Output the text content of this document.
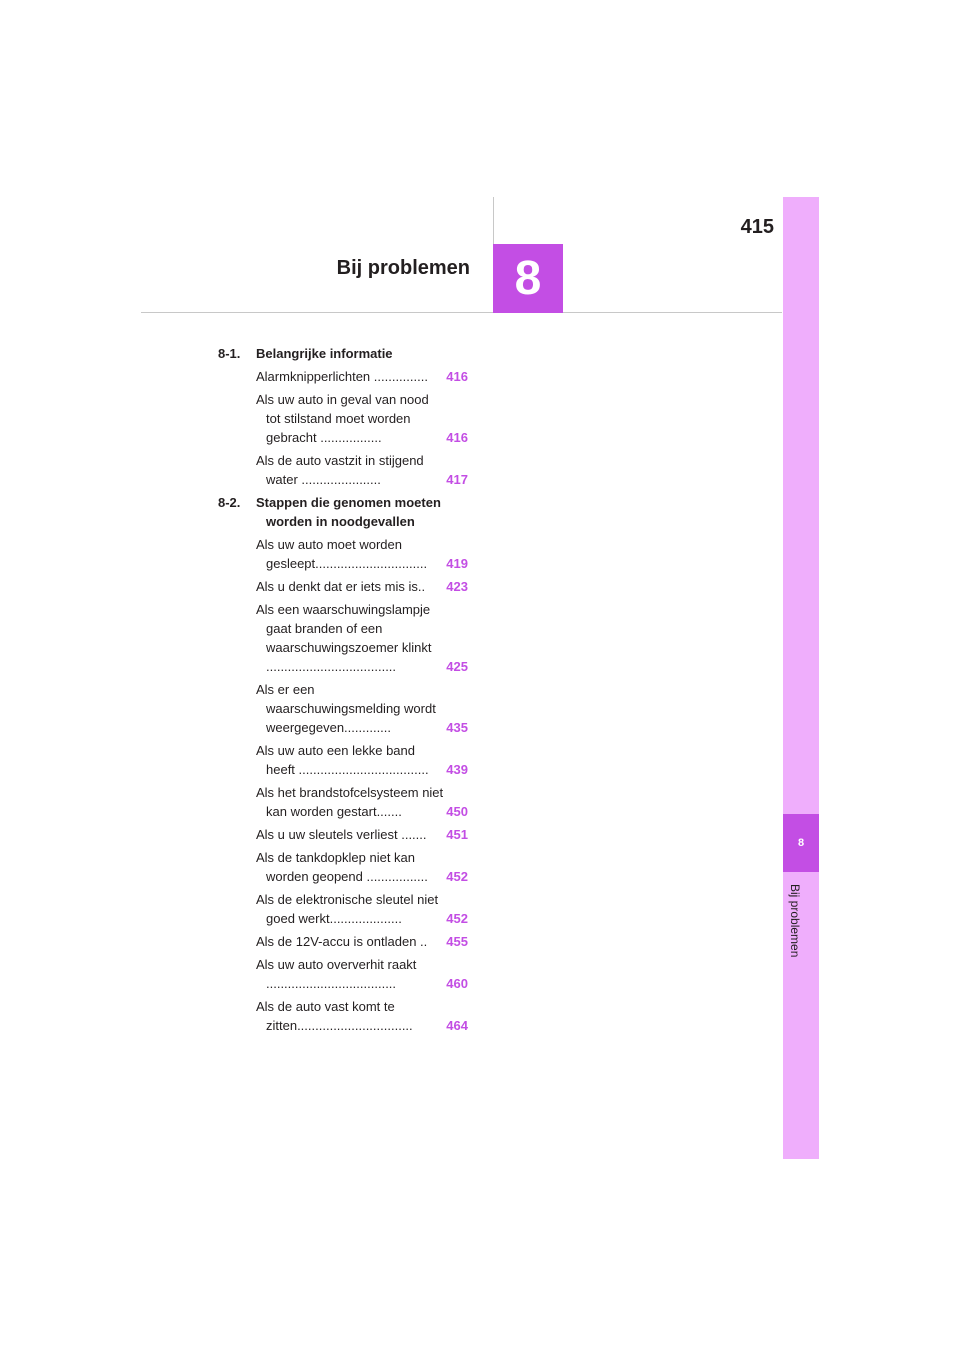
8
Bij problemen
415
8
Bij problemen
8-1.	Belangrijke informatie
Alarmknipperlichten ...............	416
Als uw auto in geval van nood tot stilstand moet worden gebracht .................	416
Als de auto vastzit in stijgend water ......................	417
8-2.	Stappen die genomen moeten worden in noodgevallen
Als uw auto moet worden gesleept...............................	419
Als u denkt dat er iets mis is..	423
Als een waarschuwingslampje gaat branden of een waarschuwingszoemer klinkt ....................................	425
Als er een waarschuwingsmelding wordt weergegeven.............	435
Als uw auto een lekke band heeft ....................................	439
Als het brandstofcelsysteem niet kan worden gestart.......	450
Als u uw sleutels verliest .......	451
Als de tankdopklep niet kan worden geopend .................	452
Als de elektronische sleutel niet goed werkt....................	452
Als de 12V-accu is ontladen ..	455
Als uw auto oververhit raakt ....................................	460
Als de auto vast komt te zitten................................	464
